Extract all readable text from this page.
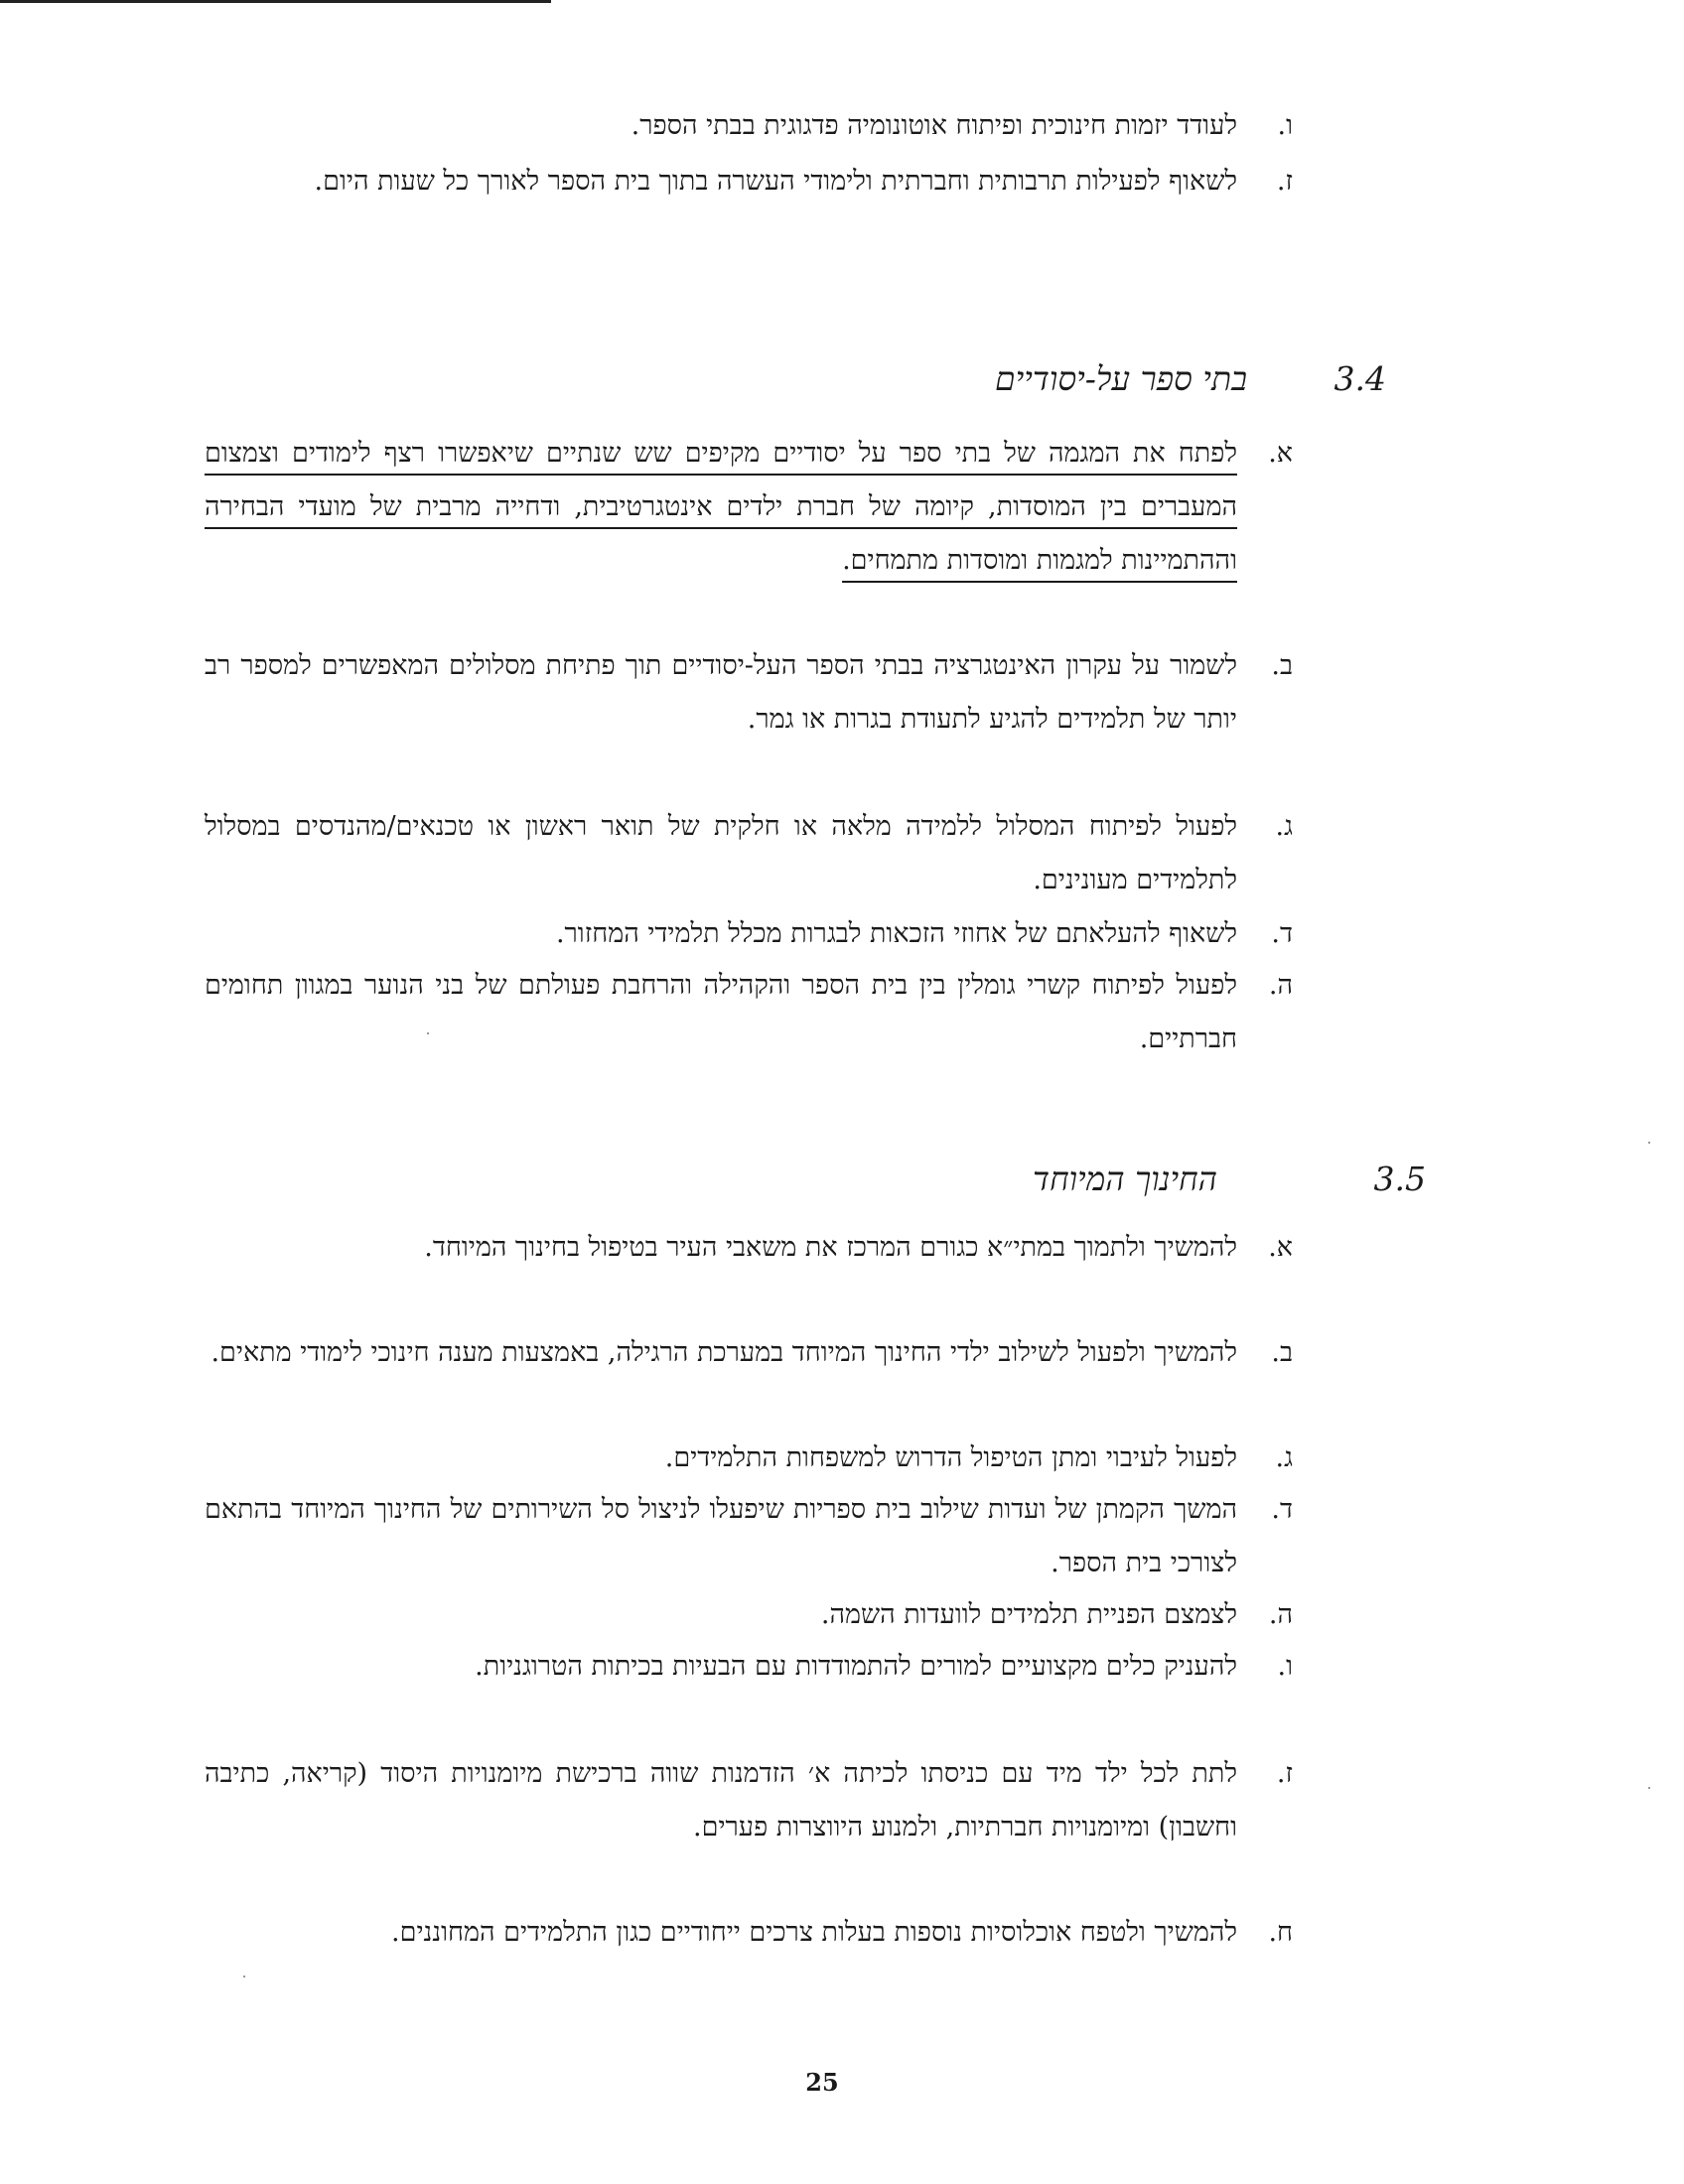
ו.
לעודד יזמות חינוכית ופיתוח אוטונומיה פדגוגית בבתי הספר.
ז.
לשאוף לפעילות תרבותית וחברתית ולימודי העשרה בתוך בית הספר לאורך כל שעות היום.
3.4
בתי ספר על-יסודיים
א.
לפתח את המגמה של בתי ספר על יסודיים מקיפים שש שנתיים שיאפשרו רצף לימודים וצמצום המעברים בין המוסדות, קיומה של חברת ילדים אינטגרטיבית, ודחייה מרבית של מועדי הבחירה וההתמיינות למגמות ומוסדות מתמחים.
ב.
לשמור על עקרון האינטגרציה בבתי הספר העל-יסודיים תוך פתיחת מסלולים המאפשרים למספר רב יותר של תלמידים להגיע לתעודת בגרות או גמר.
ג.
לפעול לפיתוח המסלול ללמידה מלאה או חלקית של תואר ראשון או טכנאים/מהנדסים במסלול לתלמידים מעונינים.
ד.
לשאוף להעלאתם של אחוזי הזכאות לבגרות מכלל תלמידי המחזור.
ה.
לפעול לפיתוח קשרי גומלין בין בית הספר והקהילה והרחבת פעולתם של בני הנוער במגוון תחומים חברתיים.
3.5
החינוך המיוחד
א.
להמשיך ולתמוך במתי״א כגורם המרכז את משאבי העיר בטיפול בחינוך המיוחד.
ב.
להמשיך ולפעול לשילוב ילדי החינוך המיוחד במערכת הרגילה, באמצעות מענה חינוכי לימודי מתאים.
ג.
לפעול לעיבוי ומתן הטיפול הדרוש למשפחות התלמידים.
ד.
המשך הקמתן של ועדות שילוב בית ספריות שיפעלו לניצול סל השירותים של החינוך המיוחד בהתאם לצורכי בית הספר.
ה.
לצמצם הפניית תלמידים לוועדות השמה.
ו.
להעניק כלים מקצועיים למורים להתמודדות עם הבעיות בכיתות הטרוגניות.
ז.
לתת לכל ילד מיד עם כניסתו לכיתה א׳ הזדמנות שווה ברכישת מיומנויות היסוד (קריאה, כתיבה וחשבון) ומיומנויות חברתיות, ולמנוע היווצרות פערים.
ח.
להמשיך ולטפח אוכלוסיות נוספות בעלות צרכים ייחודיים כגון התלמידים המחוננים.
25
